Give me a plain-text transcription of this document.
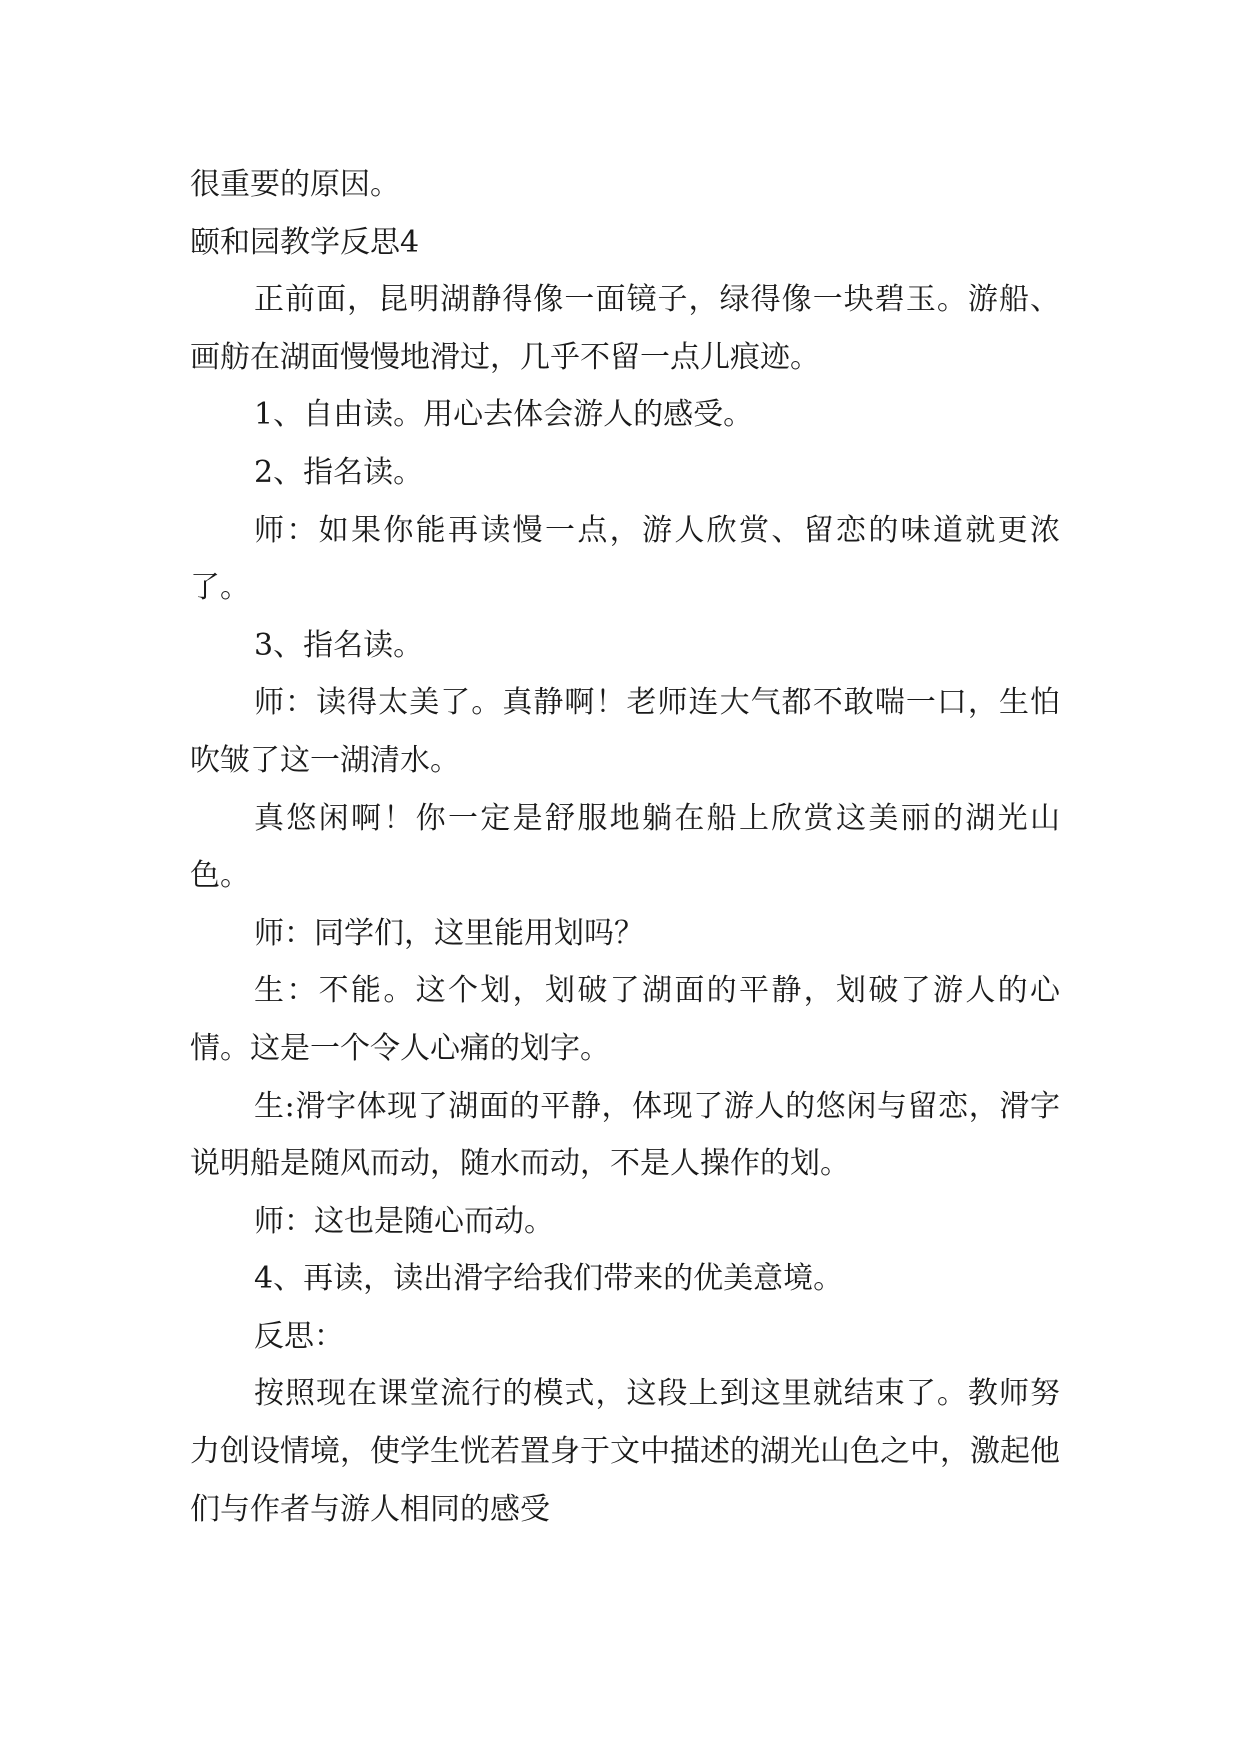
很重要的原因。

颐和园教学反思4

正前面，昆明湖静得像一面镜子，绿得像一块碧玉。游船、画舫在湖面慢慢地滑过，几乎不留一点儿痕迹。

1、自由读。用心去体会游人的感受。

2、指名读。

师：如果你能再读慢一点，游人欣赏、留恋的味道就更浓了。

3、指名读。

师：读得太美了。真静啊！老师连大气都不敢喘一口，生怕吹皱了这一湖清水。

真悠闲啊！你一定是舒服地躺在船上欣赏这美丽的湖光山色。

师：同学们，这里能用划吗？

生：不能。这个划，划破了湖面的平静，划破了游人的心情。这是一个令人心痛的划字。

生:滑字体现了湖面的平静，体现了游人的悠闲与留恋，滑字说明船是随风而动，随水而动，不是人操作的划。

师：这也是随心而动。

4、再读，读出滑字给我们带来的优美意境。

反思：

按照现在课堂流行的模式，这段上到这里就结束了。教师努力创设情境，使学生恍若置身于文中描述的湖光山色之中，激起他们与作者与游人相同的感受
